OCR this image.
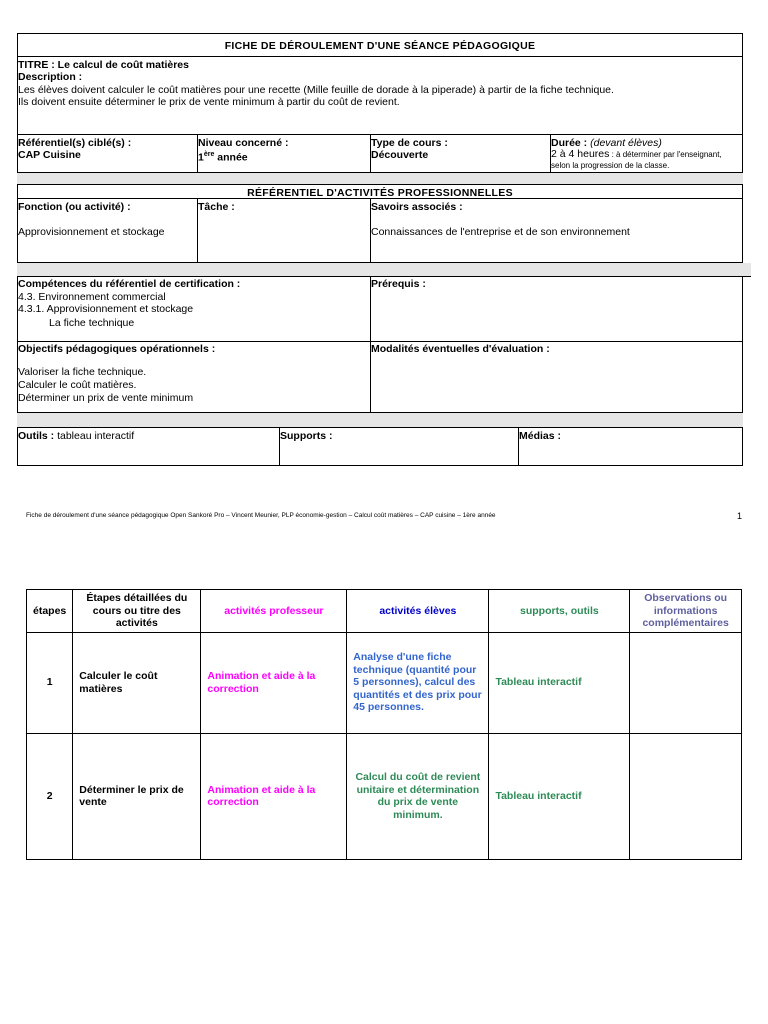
FICHE DE DÉROULEMENT D'UNE SÉANCE PÉDAGOGIQUE
TITRE : Le calcul de coût matières
Description :
Les élèves doivent calculer le coût matières pour une recette (Mille feuille de dorade à la piperade) à partir de la fiche technique.
Ils doivent ensuite déterminer le prix de vente minimum à partir du coût de revient.
Référentiel(s) ciblé(s) :
CAP Cuisine
Niveau concerné :
1ère année
Type de cours :
Découverte
Durée : (devant élèves)
2 à 4 heures : à déterminer par l'enseignant,
selon la progression de la classe.
RÉFÉRENTIEL D'ACTIVITÉS PROFESSIONNELLES
Fonction (ou activité) :
Approvisionnement et stockage
Tâche :	Savoirs associés :
Connaissances de l'entreprise et de son environnement
Compétences du référentiel de certification :
4.3. Environnement commercial
4.3.1. Approvisionnement et stockage
La fiche technique
Prérequis :
Objectifs pédagogiques opérationnels :
Valoriser la fiche technique.
Calculer le coût matières.
Déterminer un prix de vente minimum
Modalités éventuelles d'évaluation :
Outils : tableau interactif	Supports :	Médias :
Fiche de déroulement d'une séance pédagogique Open Sankoré Pro – Vincent Meunier, PLP économie-gestion – Calcul coût matières – CAP cuisine – 1ère année	1
étapes	Étapes détaillées du cours ou titre des activités	activités professeur	activités élèves	supports, outils	Observations ou informations complémentaires
1	Calculer le coût matières	Animation et aide à la correction	Analyse d'une fiche technique (quantité pour 5 personnes), calcul des quantités et des prix pour 45 personnes.	Tableau interactif	
2	Déterminer le prix de vente	Animation et aide à la correction	Calcul du coût de revient unitaire et détermination du prix de vente minimum.	Tableau interactif	
